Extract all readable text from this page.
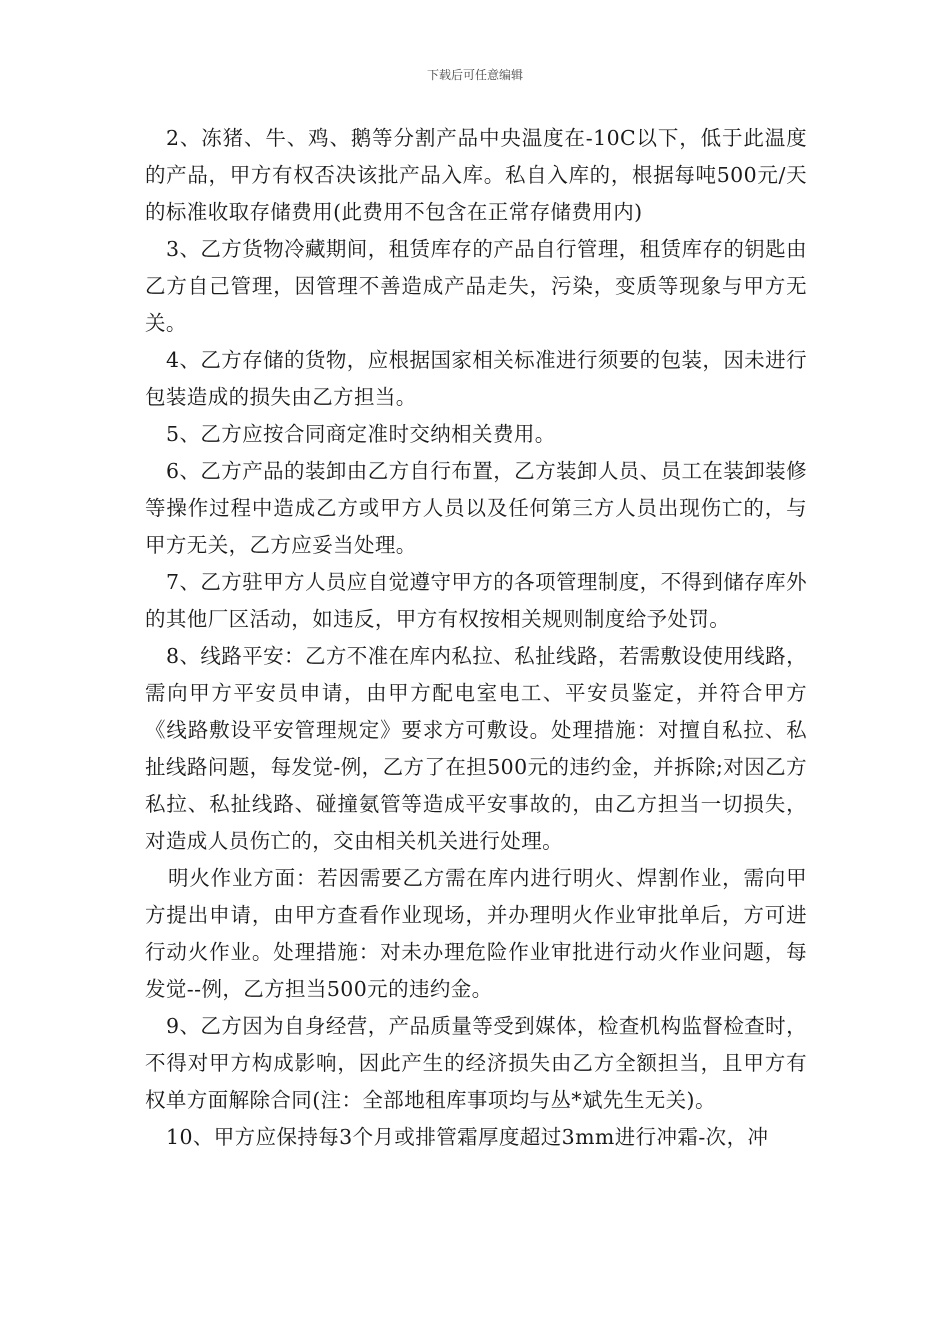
下载后可任意编辑

2、冻猪、牛、鸡、鹅等分割产品中央温度在-10C以下，低于此温度的产品，甲方有权否决该批产品入库。私自入库的，根据每吨500元/天的标准收取存储费用(此费用不包含在正常存储费用内)

3、乙方货物冷藏期间，租赁库存的产品自行管理，租赁库存的钥匙由乙方自己管理，因管理不善造成产品走失，污染，变质等现象与甲方无关。

4、乙方存储的货物，应根据国家相关标准进行须要的包装，因未进行包装造成的损失由乙方担当。

5、乙方应按合同商定准时交纳相关费用。

6、乙方产品的装卸由乙方自行布置，乙方装卸人员、员工在装卸装修等操作过程中造成乙方或甲方人员以及任何第三方人员出现伤亡的，与甲方无关，乙方应妥当处理。

7、乙方驻甲方人员应自觉遵守甲方的各项管理制度，不得到储存库外的其他厂区活动，如违反，甲方有权按相关规则制度给予处罚。

8、线路平安：乙方不准在库内私拉、私扯线路，若需敷设使用线路，需向甲方平安员申请，由甲方配电室电工、平安员鉴定，并符合甲方《线路敷设平安管理规定》要求方可敷设。处理措施：对擅自私拉、私扯线路问题，每发觉-例，乙方了在担500元的违约金，并拆除;对因乙方私拉、私扯线路、碰撞氨管等造成平安事故的，由乙方担当一切损失，对造成人员伤亡的，交由相关机关进行处理。

明火作业方面：若因需要乙方需在库内进行明火、焊割作业，需向甲方提出申请，由甲方查看作业现场，并办理明火作业审批单后，方可进行动火作业。处理措施：对未办理危险作业审批进行动火作业问题，每发觉--例，乙方担当500元的违约金。

9、乙方因为自身经营，产品质量等受到媒体，检查机构监督检查时，不得对甲方构成影响，因此产生的经济损失由乙方全额担当，且甲方有权单方面解除合同(注：全部地租库事项均与丛*斌先生无关)。

10、甲方应保持每3个月或排管霜厚度超过3mm进行冲霜-次，冲
